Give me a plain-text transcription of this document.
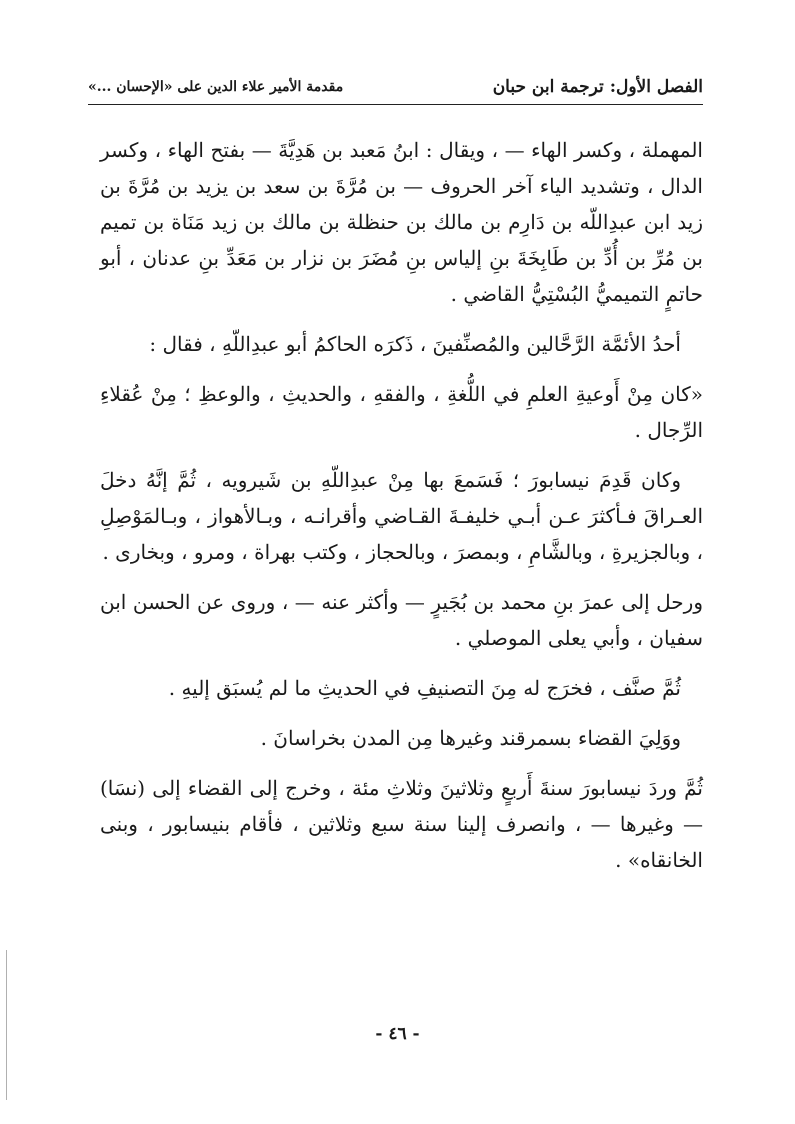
الفصل الأول: ترجمة ابن حبان
مقدمة الأمير علاء الدين على «الإحسان ...»

المهملة ، وكسر الهاء — ، ويقال : ابنُ مَعبد بن هَدِيَّةَ — بفتح الهاء ، وكسر الدال ، وتشديد الياء آخر الحروف — بن مُرَّةَ بن سعد بن يزيد بن مُرَّةَ بن زيد ابن عبدِاللّه بن دَارِم بن مالك بن حنظلة بن مالك بن زيد مَنَاة بن تميم بن مُرِّ بن أُدِّ بن طَابِخَةَ بنِ إلياس بنِ مُضَرَ بن نزار بن مَعَدِّ بنِ عدنان ، أبو حاتمٍ التميميُّ البُسْتِيُّ القاضي .

أحدُ الأئمَّة الرَّحَّالين والمُصنِّفينَ ، ذَكرَه الحاكمُ أبو عبدِاللّهِ ، فقال :

«كان مِنْ أَوعيةِ العلمِ في اللُّغةِ ، والفقهِ ، والحديثِ ، والوعظِ ؛ مِنْ عُقلاءِ الرِّجال .

وكان قَدِمَ نيسابورَ ؛ فَسَمعَ بها مِنْ عبدِاللّهِ بن شَيرويه ، ثُمَّ إنَّهُ دخلَ العـراقَ فـأكثرَ عـن أبـي خليفـةَ القـاضي وأقرانـه ، وبـالأهواز ، وبـالمَوْصِلِ ، وبالجزيرةِ ، وبالشَّامِ ، وبمصرَ ، وبالحجاز ، وكتب بهراة ، ومرو ، وبخارى .

ورحل إلى عمرَ بنِ محمد بن بُجَيرٍ — وأكثر عنه — ، وروى عن الحسن ابن سفيان ، وأبي يعلى الموصلي .

ثُمَّ صنَّف ، فخرَج له مِنَ التصنيفِ في الحديثِ ما لم يُسبَق إليهِ .

ووَلِيَ القضاء بسمرقند وغيرها مِن المدن بخراسانَ .

ثُمَّ وردَ نيسابورَ سنةَ أَربعٍ وثلاثينَ وثلاثِ مئة ، وخرج إلى القضاء إلى (نسَا) — وغيرها — ، وانصرف إلينا سنة سبع وثلاثين ، فأقام بنيسابور ، وبنى الخانقاه» .

- ٤٦ -
